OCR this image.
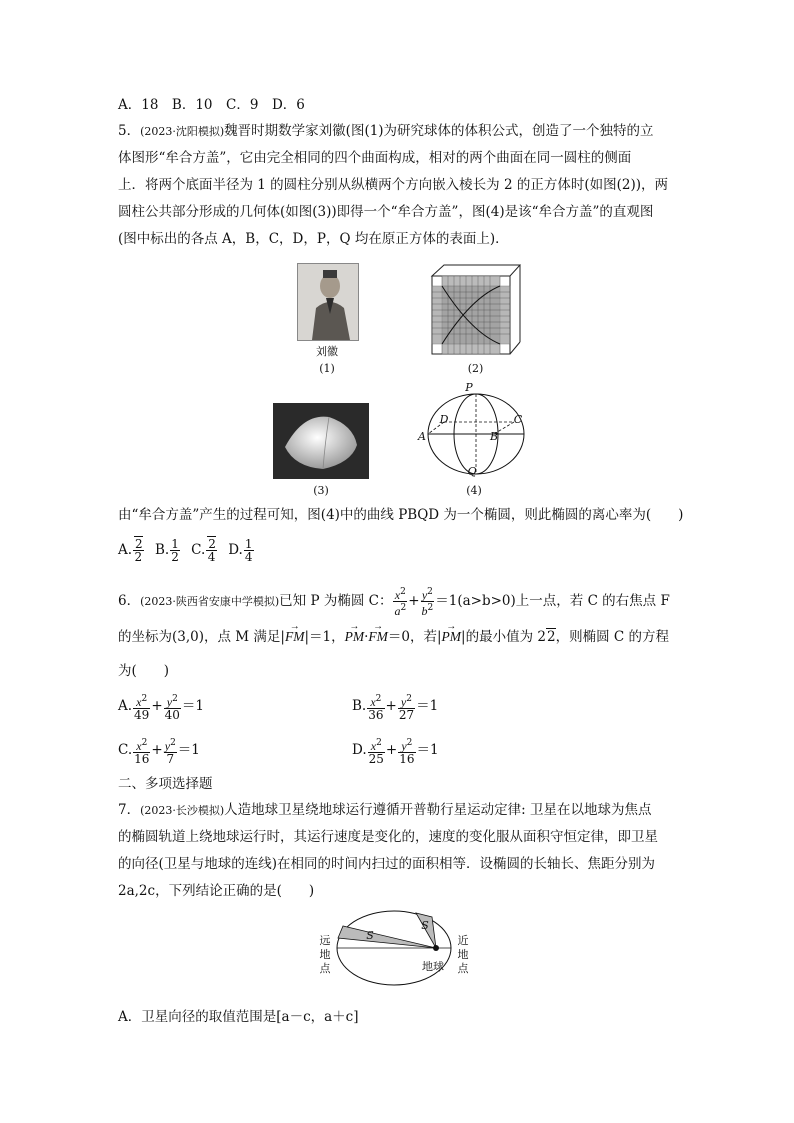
A．18　B．10　C．9　D．6
5．(2023·沈阳模拟)魏晋时期数学家刘徽(图(1)为研究球体的体积公式，创造了一个独特的立
体图形“牟合方盖”，它由完全相同的四个曲面构成，相对的两个曲面在同一圆柱的侧面
上．将两个底面半径为 1 的圆柱分别从纵横两个方向嵌入棱长为 2 的正方体时(如图(2))，两
圆柱公共部分形成的几何体(如图(3))即得一个“牟合方盖”，图(4)是该“牟合方盖”的直观图
(图中标出的各点 A，B，C，D，P，Q 均在原正方体的表面上)．
刘徽
(1)	(2)
(3)
P
D	C
A	B
Q
(4)
由“牟合方盖”产生的过程可知，图(4)中的曲线 PBQD 为一个椭圆，则此椭圆的离心率为(　　)
A. $\frac{2}{2} B$. $\frac{1}{2} C$. $\frac{2}{4} D$. $\frac{1}{4}$
6．(2023·陕西省安康中学模拟)已知 P 为椭圆 C： $\frac{x^2}{a^2} + \frac{y^2}{b^2} =1(a>b>0)$上一点，若 C 的右焦点 F
的坐标为(3,0)，点 M 满足|→ FM|＝1，→ PM·→ FM＝0，若|→ PM|的最小值为 22，则椭圆 C 的方程
为(　　)
A. $\frac{x^2}{49} + \frac{y^2}{40} =1$	B. $\frac{x^2}{36} + \frac{y^2}{27} =1$
C. $\frac{x^2}{16} + \frac{y^2}{7} =1$	D. $\frac{x^2}{25} + \frac{y^2}{16} =1$
二、多项选择题
7．(2023·长沙模拟)人造地球卫星绕地球运行遵循开普勒行星运动定律: 卫星在以地球为焦点
的椭圆轨道上绕地球运行时，其运行速度是变化的，速度的变化服从面积守恒定律，即卫星
的向径(卫星与地球的连线)在相同的时间内扫过的面积相等．设椭圆的长轴长、焦距分别为
2a,2c，下列结论正确的是(　　)
S
S
远地点
近地点
地球
A．卫星向径的取值范围是[a－c，a＋c]
